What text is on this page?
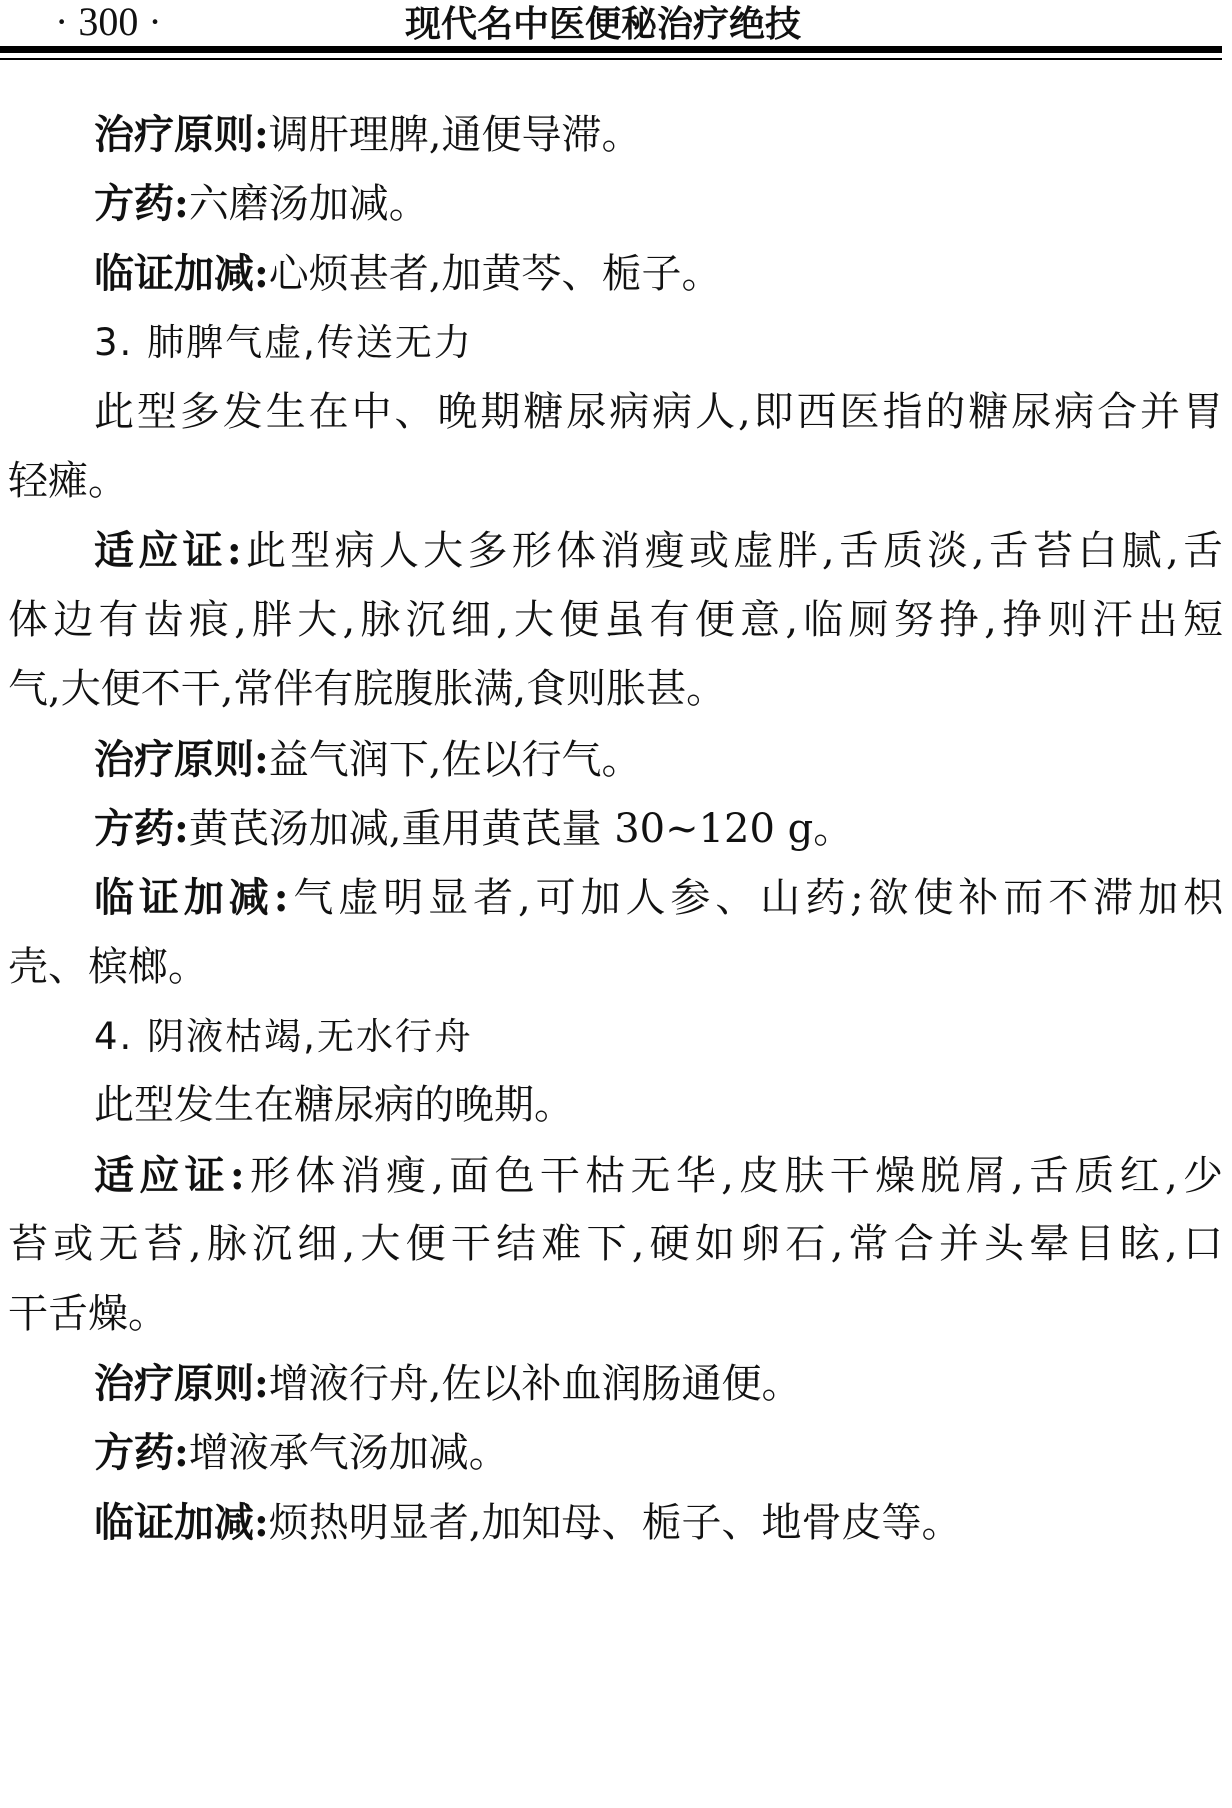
· 300 ·	现代名中医便秘治疗绝技
治疗原则:调肝理脾,通便导滞。
方药:六磨汤加减。
临证加减:心烦甚者,加黄芩、栀子。
3. 肺脾气虚,传送无力
此型多发生在中、晚期糖尿病病人,即西医指的糖尿病合并胃
轻瘫。
适应证:此型病人大多形体消瘦或虚胖,舌质淡,舌苔白腻,舌
体边有齿痕,胖大,脉沉细,大便虽有便意,临厕努挣,挣则汗出短
气,大便不干,常伴有脘腹胀满,食则胀甚。
治疗原则:益气润下,佐以行气。
方药:黄芪汤加减,重用黄芪量 30~120 g。
临证加减:气虚明显者,可加人参、山药;欲使补而不滞加枳
壳、槟榔。
4. 阴液枯竭,无水行舟
此型发生在糖尿病的晚期。
适应证:形体消瘦,面色干枯无华,皮肤干燥脱屑,舌质红,少
苔或无苔,脉沉细,大便干结难下,硬如卵石,常合并头晕目眩,口
干舌燥。
治疗原则:增液行舟,佐以补血润肠通便。
方药:增液承气汤加减。
临证加减:烦热明显者,加知母、栀子、地骨皮等。
